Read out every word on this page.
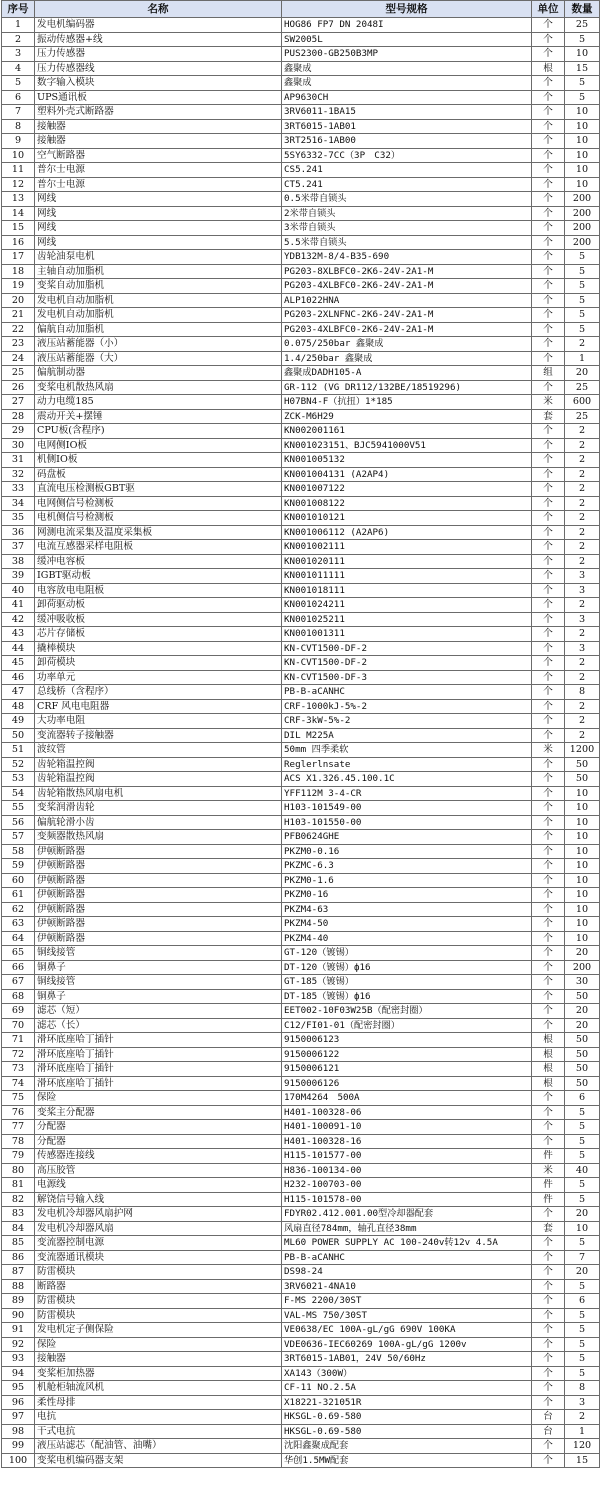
序号	名称	型号规格	单位	数量
1	发电机编码器	HOG86 FP7 DN 2048I	个	25
2	振动传感器+线	SW2005L	个	5
3	压力传感器	PUS2300-GB250B3MP	个	10
4	压力传感器线	鑫聚成	根	15
5	数字输入模块	鑫聚成	个	5
6	UPS通讯板	AP9630CH	个	5
7	塑料外壳式断路器	3RV6011-1BA15	个	10
8	接触器	3RT6015-1AB01	个	10
9	接触器	3RT2516-1AB00	个	10
10	空气断路器	5SY6332-7CC（3P　C32）	个	10
11	普尔士电源	CS5.241	个	10
12	普尔士电源	CT5.241	个	10
13	网线	0.5米带自锁头	个	200
14	网线	2米带自锁头	个	200
15	网线	3米带自锁头	个	200
16	网线	5.5米带自锁头	个	200
17	齿轮油泵电机	YDB132M-8/4-B35-690	个	5
18	主轴自动加脂机	PG203-8XLBFC0-2K6-24V-2A1-M	个	5
19	变桨自动加脂机	PG203-4XLBFC0-2K6-24V-2A1-M	个	5
20	发电机自动加脂机	ALP1022HNA	个	5
21	发电机自动加脂机	PG203-2XLNFNC-2K6-24V-2A1-M	个	5
22	偏航自动加脂机	PG203-4XLBFC0-2K6-24V-2A1-M	个	5
23	液压站蓄能器（小）	0.075/250bar 鑫聚成	个	2
24	液压站蓄能器（大）	1.4/250bar 鑫聚成	个	1
25	偏航制动器	鑫聚成DADH105-A	组	20
26	变桨电机散热风扇	GR-112 (VG DR112/132BE/18519296)	个	25
27	动力电缆185	H07BN4-F（抗扭）1*185	米	600
28	震动开关+摆锤	ZCK-M6H29	套	25
29	CPU板(含程序)	KN002001161	个	2
30	电网侧IO板	KN001023151、BJC5941000V51	个	2
31	机侧IO板	KN001005132	个	2
32	码盘板	KN001004131 (A2AP4)	个	2
33	直流电压检测板GBT驱	KN001007122	个	2
34	电网侧信号检测板	KN001008122	个	2
35	电机侧信号检测板	KN001010121	个	2
36	网测电流采集及温度采集板	KN001006112 (A2AP6)	个	2
37	电流互感器采样电阻板	KN001002111	个	2
38	缓冲电容板	KN001020111	个	2
39	IGBT驱动板	KN001011111	个	3
40	电容放电电阻板	KN001018111	个	3
41	卸荷驱动板	KN001024211	个	2
42	缓冲吸收板	KN001025211	个	3
43	芯片存储板	KN001001311	个	2
44	撬棒模块	KN-CVT1500-DF-2	个	3
45	卸荷模块	KN-CVT1500-DF-2	个	2
46	功率单元	KN-CVT1500-DF-3	个	2
47	总线桥（含程序）	PB-B-aCANHC	个	8
48	CRF 风电电阻器	CRF-1000kJ-5%-2	个	2
49	大功率电阻	CRF-3kW-5%-2	个	2
50	变流器转子接触器	DIL M225A	个	2
51	波纹管	50mm 四季柔软	米	1200
52	齿轮箱温控阀	Reglerlnsate	个	50
53	齿轮箱温控阀	ACS X1.326.45.100.1C	个	50
54	齿轮箱散热风扇电机	YFF112M 3-4-CR	个	10
55	变桨润滑齿轮	H103-101549-00	个	10
56	偏航轮滑小齿	H103-101550-00	个	10
57	变频器散热风扇	PFB0624GHE	个	10
58	伊顿断路器	PKZM0-0.16	个	10
59	伊顿断路器	PKZMC-6.3	个	10
60	伊顿断路器	PKZM0-1.6	个	10
61	伊顿断路器	PKZM0-16	个	10
62	伊顿断路器	PKZM4-63	个	10
63	伊顿断路器	PKZM4-50	个	10
64	伊顿断路器	PKZM4-40	个	10
65	铜线接管	GT-120（镀锡）	个	20
66	铜鼻子	DT-120（镀锡）ф16	个	200
67	铜线接管	GT-185（镀锡）	个	30
68	铜鼻子	DT-185（镀锡）ф16	个	50
69	滤芯（短）	EET002-10F03W25B（配密封圈）	个	20
70	滤芯（长）	C12/FI01-01（配密封圈）	个	20
71	滑环底座哈丁插针	9150006123	根	50
72	滑环底座哈丁插针	9150006122	根	50
73	滑环底座哈丁插针	9150006121	根	50
74	滑环底座哈丁插针	9150006126	根	50
75	保险	170M4264　500A	个	6
76	变桨主分配器	H401-100328-06	个	5
77	分配器	H401-100091-10	个	5
78	分配器	H401-100328-16	个	5
79	传感器连接线	H115-101577-00	件	5
80	高压胶管	H836-100134-00	米	40
81	电源线	H232-100703-00	件	5
82	解饶信号输入线	H115-101578-00	件	5
83	发电机冷却器风扇护网	FDYR02.412.001.00型冷却器配套	个	20
84	发电机冷却器风扇	风扇直径784mm，轴孔直径38mm	套	10
85	变流器控制电源	ML60 POWER SUPPLY AC 100-240v转12v 4.5A	个	5
86	变流器通讯模块	PB-B-aCANHC	个	7
87	防雷模块	DS98-24	个	20
88	断路器	3RV6021-4NA10	个	5
89	防雷模块	F-MS 2200/30ST	个	6
90	防雷模块	VAL-MS 750/30ST	个	5
91	发电机定子侧保险	VE0638/EC 100A-gL/gG 690V 100KA	个	5
92	保险	VDE0636-IEC60269 100A-gL/gG 1200v	个	5
93	接触器	3RT6015-1AB01，24V 50/60Hz	个	5
94	变桨柜加热器	XA143（300W）	个	5
95	机舱柜轴流风机	CF-11 NO.2.5A	个	8
96	柔性母排	X18221-321051R	个	3
97	电抗	HKSGL-0.69-580	台	2
98	干式电抗	HKSGL-0.69-580	台	1
99	液压站滤芯（配油管、油嘴）	沈阳鑫聚成配套	个	120
100	变桨电机编码器支架	华创1.5MW配套	个	15
